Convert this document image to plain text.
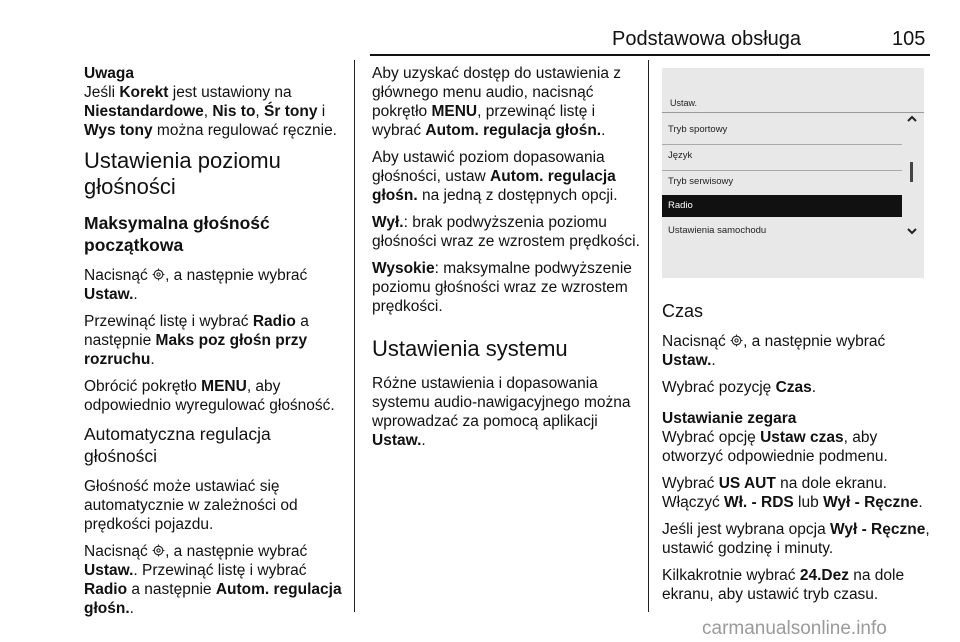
Podstawowa obsługa	105

Uwaga

Jeśli Korekt jest ustawiony na
Niestandardowe, Nis to, Śr tony i
Wys tony można regulować ręcznie.

Ustawienia poziomu głośności
Maksymalna głośność początkowa

Nacisnąć
, a następnie wybrać
Ustaw..

Przewinąć listę i wybrać Radio a następnie Maks poz głośn przy rozruchu.

Obrócić pokrętło MENU, aby odpowiednio wyregulować głośność.

Automatyczna regulacja głośności

Głośność może ustawiać się automatycznie w zależności od prędkości pojazdu.

Nacisnąć
, a następnie wybrać
Ustaw.. Przewinąć listę i wybrać
Radio a następnie Autom. regulacja głośn..

Aby uzyskać dostęp do ustawienia z głównego menu audio, nacisnąć pokrętło MENU, przewinąć listę i wybrać Autom. regulacja głośn..

Aby ustawić poziom dopasowania głośności, ustaw Autom. regulacja głośn. na jedną z dostępnych opcji.

Wył.: brak podwyższenia poziomu głośności wraz ze wzrostem prędkości.

Wysokie: maksymalne podwyższenie poziomu głośności wraz ze wzrostem prędkości.

Ustawienia systemu

Różne ustawienia i dopasowania systemu audio-nawigacyjnego można wprowadzać za pomocą aplikacji Ustaw..

Ustaw.
Tryb sportowy
Język
Tryb serwisowy
Radio
Ustawienia samochodu
Czas

Nacisnąć
, a następnie wybrać
Ustaw..

Wybrać pozycję Czas.

Ustawianie zegara

Wybrać opcję Ustaw czas, aby otworzyć odpowiednie podmenu.

Wybrać US AUT na dole ekranu. Włączyć Wł. - RDS lub Wył - Ręczne.

Jeśli jest wybrana opcja Wył - Ręczne, ustawić godzinę i minuty.

Kilkakrotnie wybrać 24.Dez na dole ekranu, aby ustawić tryb czasu.

carmanualsonline.info
